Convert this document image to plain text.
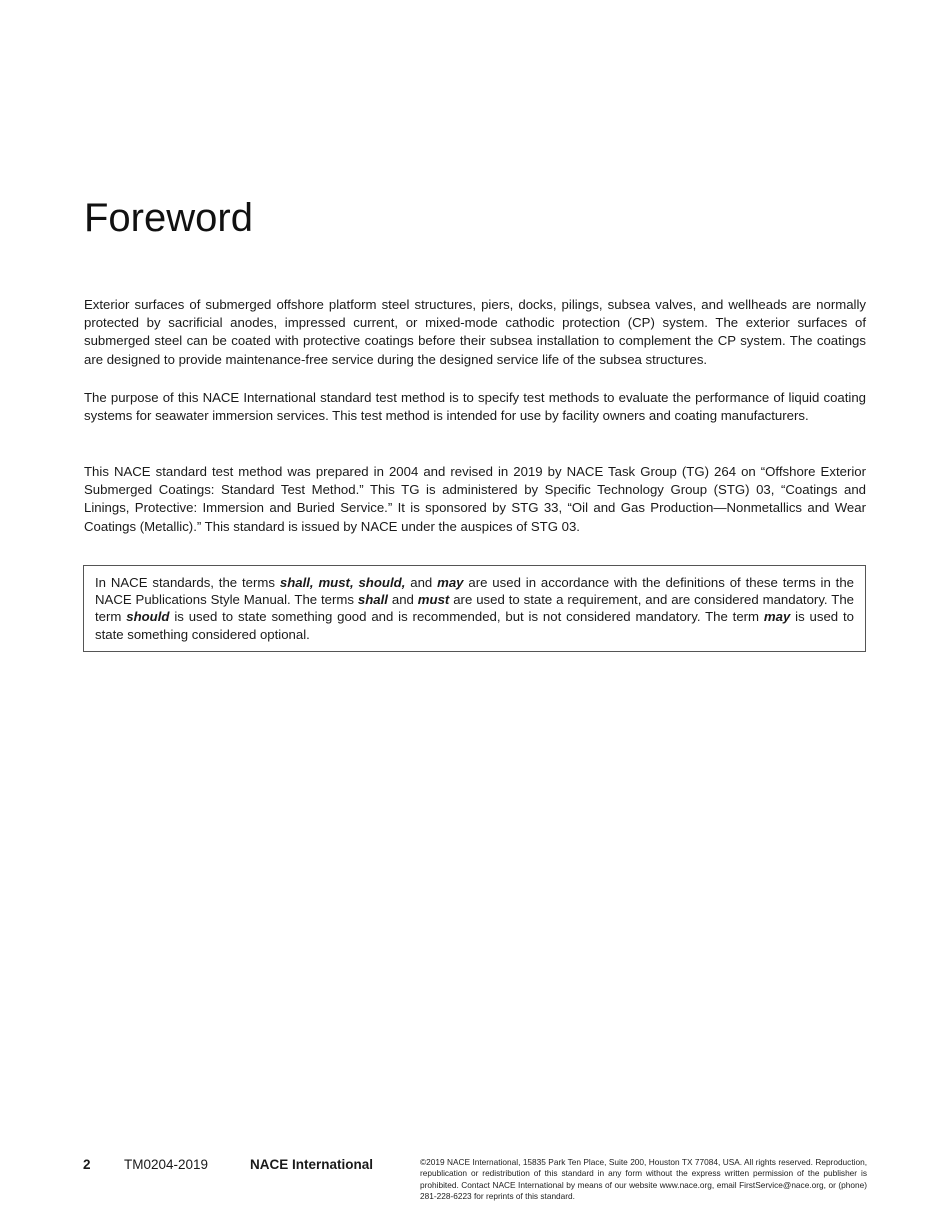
Foreword

Exterior surfaces of submerged offshore platform steel structures, piers, docks, pilings, subsea valves, and wellheads are normally protected by sacrificial anodes, impressed current, or mixed-mode cathodic protection (CP) system. The exterior surfaces of submerged steel can be coated with protective coatings before their subsea installation to complement the CP system. The coatings are designed to provide maintenance-free service during the designed service life of the subsea structures.

The purpose of this NACE International standard test method is to specify test methods to evaluate the performance of liquid coating systems for seawater immersion services. This test method is intended for use by facility owners and coating manufacturers.

This NACE standard test method was prepared in 2004 and revised in 2019 by NACE Task Group (TG) 264 on “Offshore Exterior Submerged Coatings: Standard Test Method.” This TG is administered by Specific Technology Group (STG) 03, “Coatings and Linings, Protective: Immersion and Buried Service.” It is sponsored by STG 33, “Oil and Gas Production—Nonmetallics and Wear Coatings (Metallic).” This standard is issued by NACE under the auspices of STG 03.

In NACE standards, the terms shall, must, should, and may are used in accordance with the definitions of these terms in the NACE Publications Style Manual. The terms shall and must are used to state a requirement, and are considered mandatory. The term should is used to state something good and is recommended, but is not considered mandatory. The term may is used to state something considered optional.
2 TM0204-2019	NACE International	©2019 NACE International, 15835 Park Ten Place, Suite 200, Houston TX 77084, USA. All rights reserved. Reproduction, republication or redistribution of this standard in any form without the express written permission of the publisher is prohibited. Contact NACE International by means of our website www.nace.org, email FirstService@nace.org, or (phone) 281-228-6223 for reprints of this standard.
